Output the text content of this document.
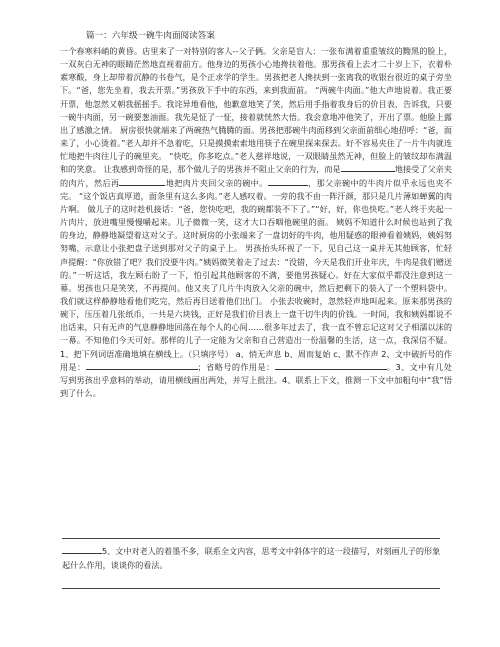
篇一：六年级一碗牛肉面阅读答案

一个春寒料峭的黄昏。店里来了一对特别的客人--父子俩。父亲是盲人：一张布满着重重皱纹的黝黑的脸上，一双灰白无神的眼睛茫然地直视着前方。他身边的男孩小心地搀扶着他。那男孩看上去才二十岁上下，衣着朴素寒酸，身上却带着沉静的书卷气，是个正求学的学生。男孩把老人搀扶到一张离我的收银台很近的桌子旁坐下。“爸，您先坐着，我去开票。”男孩放下手中的东西，来到我面前。 “两碗牛肉面。”他大声地说着。我正要开票，他忽然又朝我摇摇手。我诧异地看他，他歉意地笑了笑，然后用手指着我身后的价目表，告诉我，只要一碗牛肉面，另一碗要葱油面。我先是怔了一怔，接着就恍然大悟。我会意地冲他笑了，开出了票。他脸上露出了感激之情。 厨房很快就端来了两碗热气腾腾的面。男孩把那碗牛肉面移到父亲面前细心地招呼：“爸，面来了，小心烫着。”老人却并不急着吃，只是摸摸索索地用筷子在碗里探来探去。好不容易夹住了一片牛肉就连忙地把牛肉往儿子的碗里夹。 “快吃，你多吃点。”老人慈祥地说，一双眼睛虽然无神，但脸上的皱纹却布满温和的笑意。 让我感到奇怪的是，那个做儿子的男孩并不阻止父亲的行为，而是	地接受了父亲夹的肉片，然后再	地把肉片夹回父亲的碗中。	，那父亲碗中的牛肉片似乎永远也夹不完。 “这个饭店真厚道，面条里有这么多肉。”老人感叹着。一旁的我不由一阵汗颜，那只是几片薄如蝉翼的肉片啊。 做儿子的这时趁机接话：“爸，您快吃吧，我的碗都装不下了。”“好，好，你也快吃。”老人终于夹起一片肉片，放进嘴里慢慢嚼起来。儿子微微一笑，这才大口吞咽他碗里的面。 姨妈不知道什么时候也站到了我的身边，静静地凝望着这对父子。这时厨房的小张端来了一盘切好的牛肉，他用疑惑的眼神看着姨妈，姨妈努努嘴，示意让小张把盘子送到那对父子的桌子上。 男孩抬头环视了一下，见自己这一桌并无其他顾客，忙轻声提醒：“你放错了吧？我们没要牛肉。”姨妈微笑着走了过去：“没错，今天是我们开业年庆，牛肉是我们赠送的。”一听这话，我左顾右盼了一下，怕引起其他顾客的不满，要他男孩疑心。好在大家似乎都没注意到这一幕。男孩也只是笑笑，不再提问。他又夹了几片牛肉放入父亲的碗中，然后把剩下的装入了一个塑料袋中。 我们就这样静静地看他们吃完，然后再目送着他们出门。 小张去收碗时，忽然轻声地叫起来。原来那男孩的碗下，压压着几张纸币，一共是六块钱，正好是我们价目表上一盘干切牛肉的价钱。一时间，我和姨妈都说不出话来，只有无声的气息静静地回荡在每个人的心间……很多年过去了，我一直不曾忘记这对父子相濡以沫的一幕。不知他们今天可好。那样的儿子一定能为父亲和自己营造出一份温馨的生活，这一点，我深信不疑。1、把下列词语准确地填在横线上。（只填序号） a、悄无声息 b、周而复始 c、默不作声 2、文中破折号的作用是：	；省略号的作用是：	。3、文中有几处写到男孩出乎意料的举动，请用横线画出两处，并写上批注。4、联系上下文，推测一下文中加粗句中“我”悟到了什么。

5、文中对老人的着墨不多，联系全文内容，思考文中斜体字的这一段描写，对刻画儿子的形象起什么作用，谈谈你的看法。
